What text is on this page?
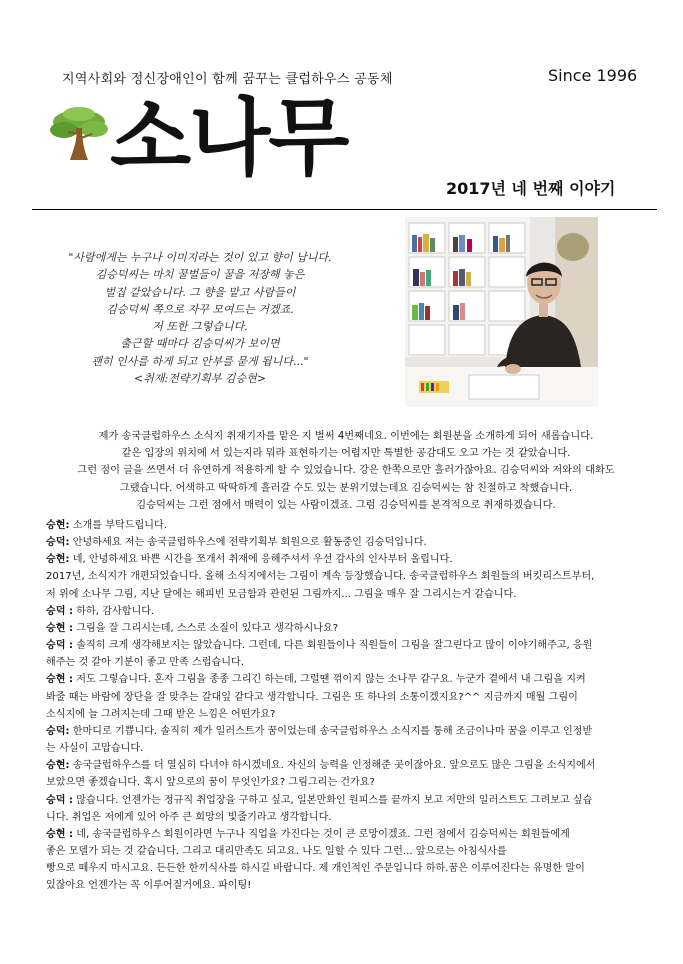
지역사회와 정신장애인이 함께 꿈꾸는 클럽하우스 공동체	Since 1996
소나무
2017년 네 번째 이야기
"사람에게는 누구나 이미지라는 것이 있고 향이 납니다.
김승덕씨는 마치 꿀벌들이 꿀을 저장해 놓은
벌집 같았습니다. 그 향을 맡고 사람들이
김승덕씨 쪽으로 자꾸 모여드는 거겠죠.
저 또한 그렇습니다.
출근할 때마다 김승덕씨가 보이면
괜히 인사를 하게 되고 안부를 묻게 됩니다..."
<취재:전략기획부 김승현>
제가 송국클럽하우스 소식지 취재기자를 맡은 지 벌써 4번째네요. 이번에는 회원분을 소개하게 되어 새롭습니다.
같은 입장의 위치에 서 있는지라 뭐라 표현하기는 어렵지만 특별한 공감대도 오고 가는 것 같았습니다.
그런 점이 글을 쓰면서 더 유연하게 적용하게 할 수 있었습니다. 강은 한쪽으로만 흘러가잖아요. 김승덕씨와 저와의 대화도
그랬습니다. 어색하고 딱딱하게 흘러갈 수도 있는 분위기였는데요 김승덕씨는 참 친절하고 착했습니다.
김승덕씨는 그런 점에서 매력이 있는 사람이겠죠. 그럼 김승덕씨를 본격적으로 취재하겠습니다.
승현: 소개를 부탁드립니다.
승덕: 안녕하세요 저는 송국클럽하우스에 전략기획부 회원으로 활동중인 김승덕입니다.
승현: 네, 안녕하세요 바쁜 시간을 쪼개서 취재에 응해주셔서 우선 감사의 인사부터 올립니다.
2017년, 소식지가 개편되었습니다. 올해 소식지에서는 그림이 계속 등장했습니다. 송국클럽하우스 회원들의 버킷리스트부터,
저 위에 소나무 그림, 지난 달에는 해피빈 모금함과 관련된 그림까지... 그림을 매우 잘 그리시는거 같습니다.
승덕 : 하하, 감사합니다.
승현 : 그림을 잘 그리시는데, 스스로 소질이 있다고 생각하시나요?
승덕 : 솔직히 크게 생각해보지는 않았습니다. 그런데, 다른 회원들이나 직원들이 그림을 잘그린다고 많이 이야기해주고, 응원
해주는 것 같아 기분이 좋고 만족 스럽습니다.
승현 : 저도 그렇습니다. 혼자 그림을 종종 그리긴 하는데, 그럴땐 꺾이지 않는 소나무 같구요. 누군가 곁에서 내 그림을 지켜
봐줄 때는 바람에 장단을 잘 맞추는 갈대잎 같다고 생각합니다. 그림은 또 하나의 소통이겠지요?^^ 지금까지 매월 그림이
소식지에 늘 그려지는데 그때 받은 느낌은 어떤가요?
승덕: 한마디로 기쁩니다. 솔직히 제가 일러스트가 꿈이었는데 송국클럽하우스 소식지를 통해 조금이나마 꿈을 이루고 인정받
는 사실이 고맙습니다.
승현: 송국클럽하우스를 더 열심히 다녀야 하시겠네요. 자신의 능력을 인정해준 곳이잖아요. 앞으로도 많은 그림을 소식지에서
보았으면 좋겠습니다. 혹시 앞으로의 꿈이 무엇인가요? 그림그리는 건가요?
승덕 : 많습니다. 언젠가는 정규직 취업장을 구하고 싶고, 일본만화인 원피스를 끝까지 보고 저만의 일러스트도 그려보고 싶습
니다. 취업은 저에게 있어 아주 큰 희망의 빛줄기라고 생각합니다.
승현 : 네, 송국클럽하우스 회원이라면 누구나 직업을 가진다는 것이 큰 로망이겠죠. 그런 점에서 김승덕씨는 회원들에게
좋은 모델가 되는 것 같습니다. 그리고 대리만족도 되고요. 나도 일할 수 있다 그런... 앞으로는 아침식사를
빵으로 떼우지 마시고요. 든든한 한끼식사를 하시길 바랍니다. 제 개인적인 주문입니다 하하.꿈은 이루어진다는 유명한 말이
있잖아요 언젠가는 꼭 이루어질거에요. 파이팅!
